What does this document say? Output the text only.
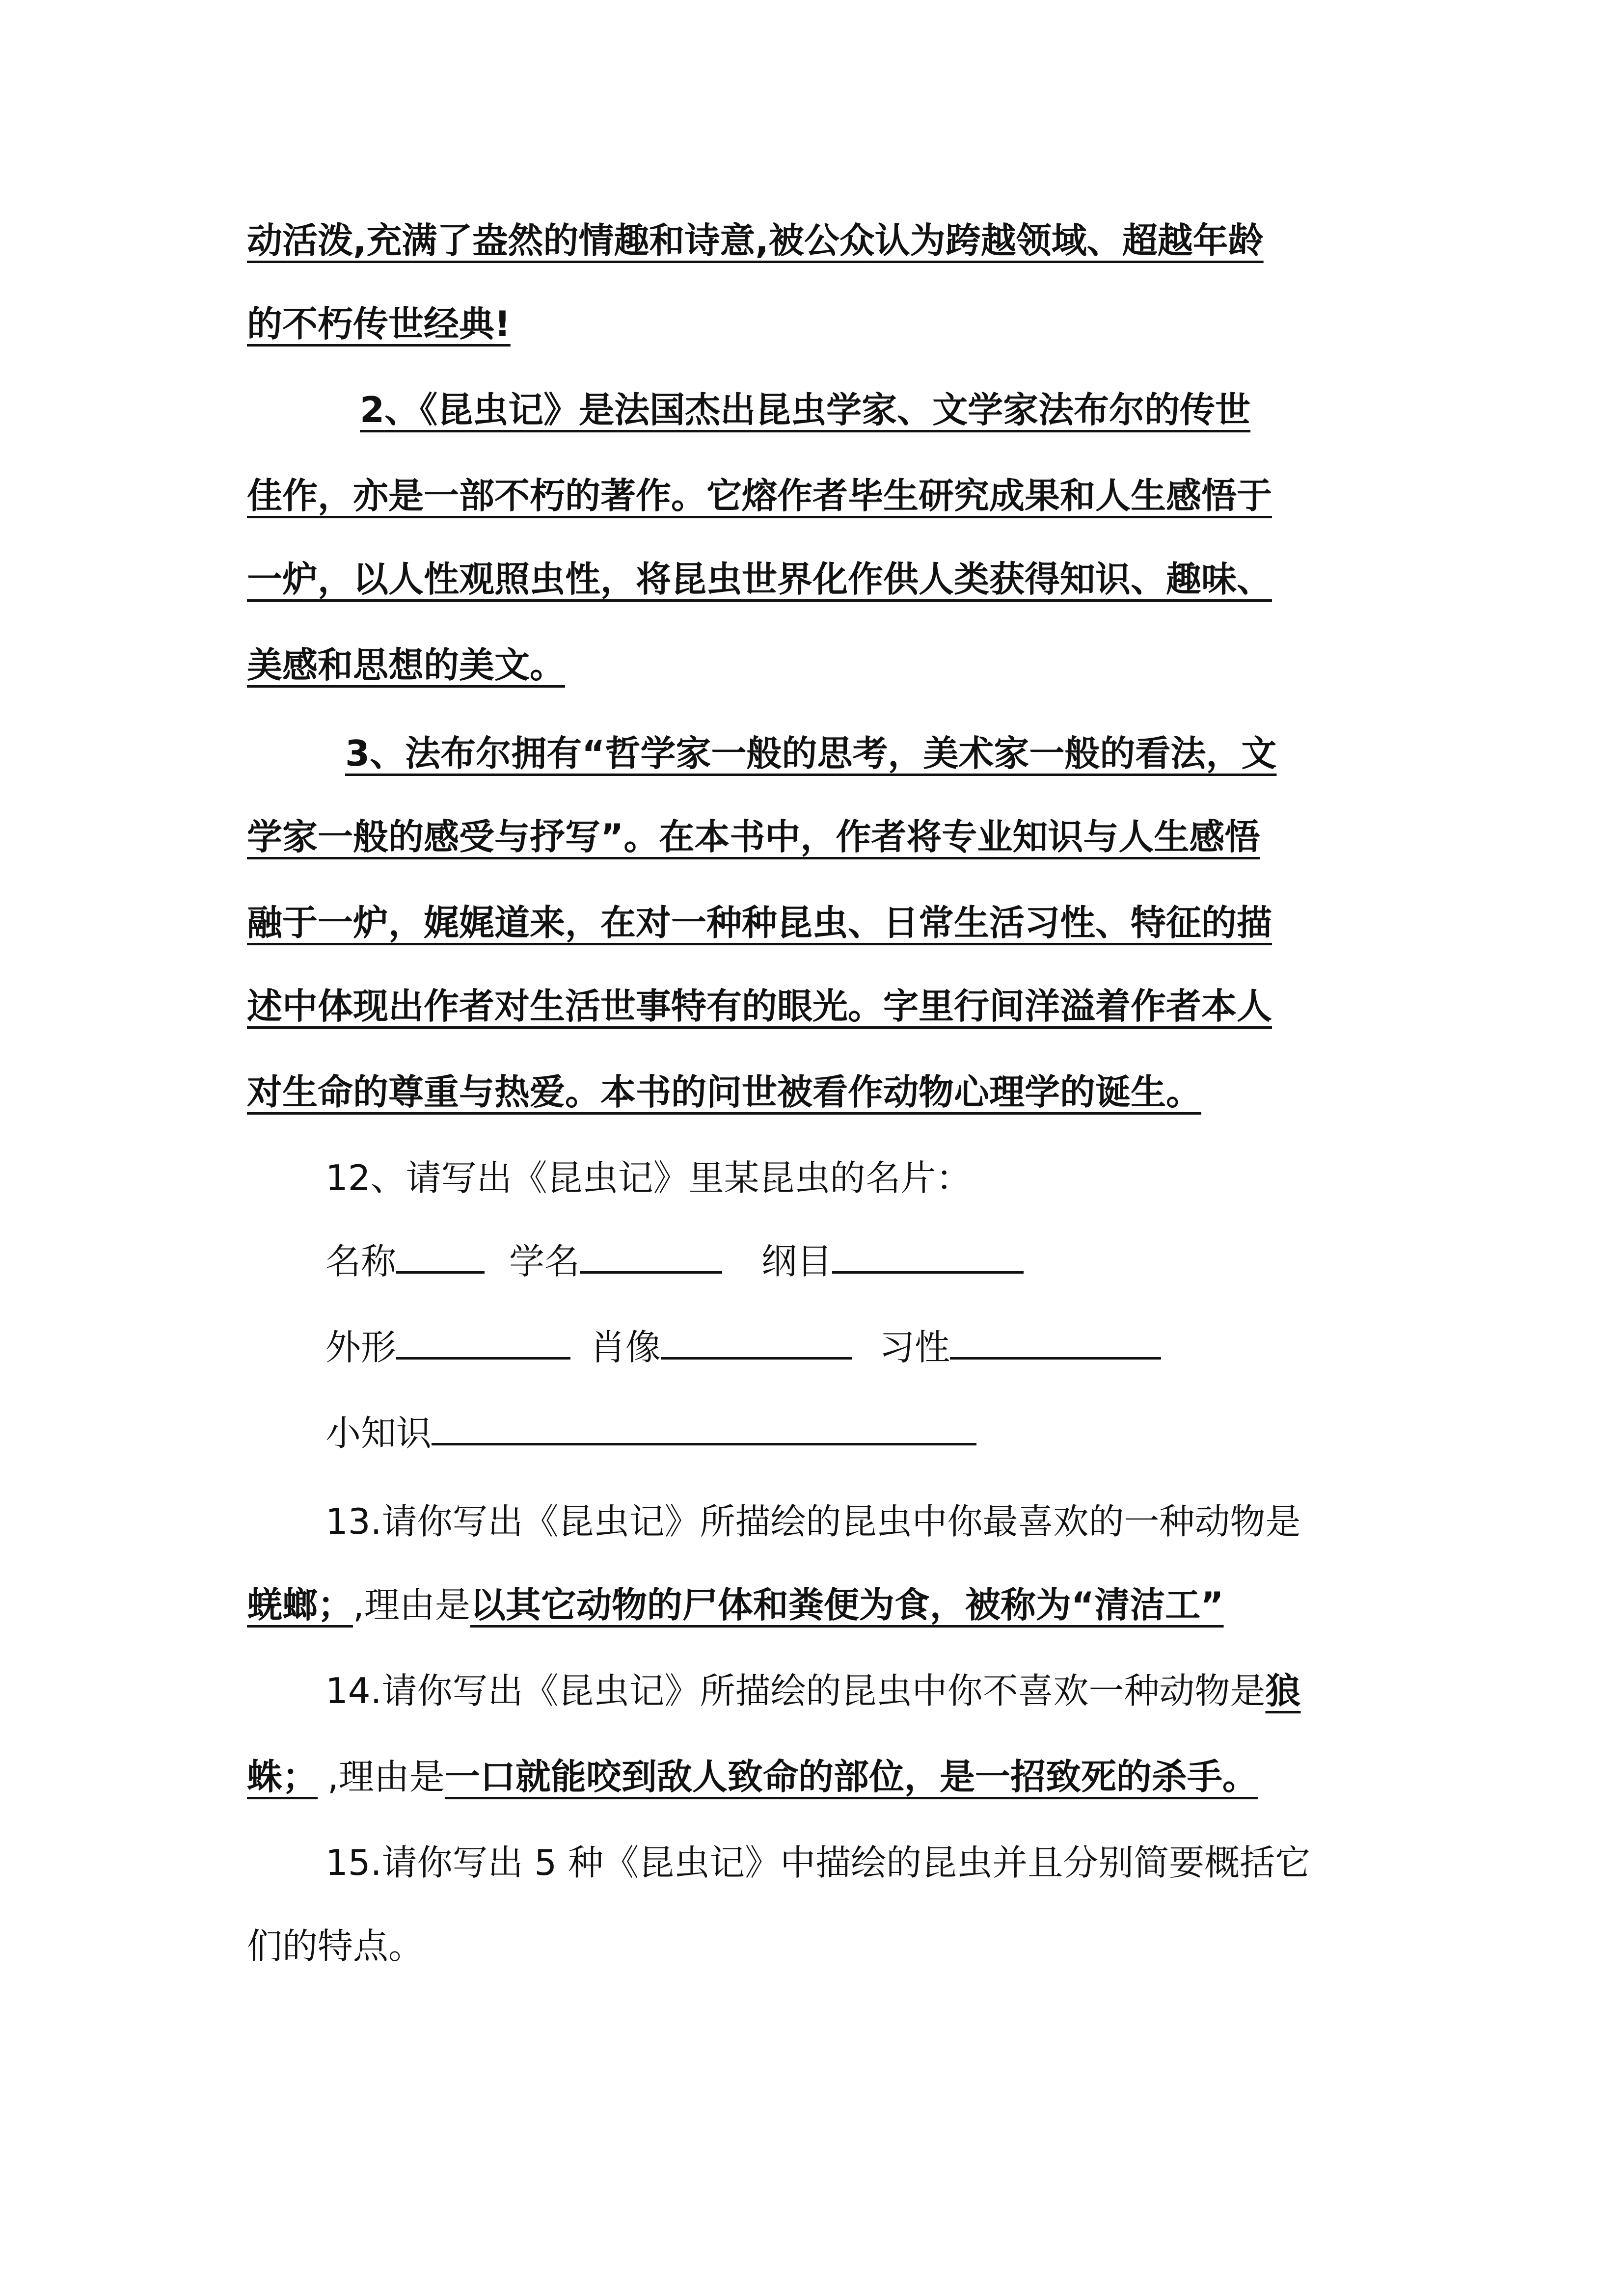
动活泼,充满了盎然的情趣和诗意,被公众认为跨越领域、超越年龄
的不朽传世经典!
2、《昆虫记》是法国杰出昆虫学家、文学家法布尔的传世
佳作，亦是一部不朽的著作。它熔作者毕生研究成果和人生感悟于
一炉，以人性观照虫性，将昆虫世界化作供人类获得知识、趣味、
美感和思想的美文。
3、法布尔拥有“哲学家一般的思考，美术家一般的看法，文
学家一般的感受与抒写”。在本书中，作者将专业知识与人生感悟
融于一炉，娓娓道来，在对一种种昆虫、日常生活习性、特征的描
述中体现出作者对生活世事特有的眼光。字里行间洋溢着作者本人
对生命的尊重与热爱。本书的问世被看作动物心理学的诞生。
12、请写出《昆虫记》里某昆虫的名片：
名称	学名	纲目
外形	肖像	习性
小知识
13.请你写出《昆虫记》所描绘的昆虫中你最喜欢的一种动物是
蜣螂；,理由是以其它动物的尸体和粪便为食，被称为“清洁工”
14.请你写出《昆虫记》所描绘的昆虫中你不喜欢一种动物是狼
蛛； ,理由是一口就能咬到敌人致命的部位，是一招致死的杀手。
15.请你写出 5 种《昆虫记》中描绘的昆虫并且分别简要概括它
们的特点。
